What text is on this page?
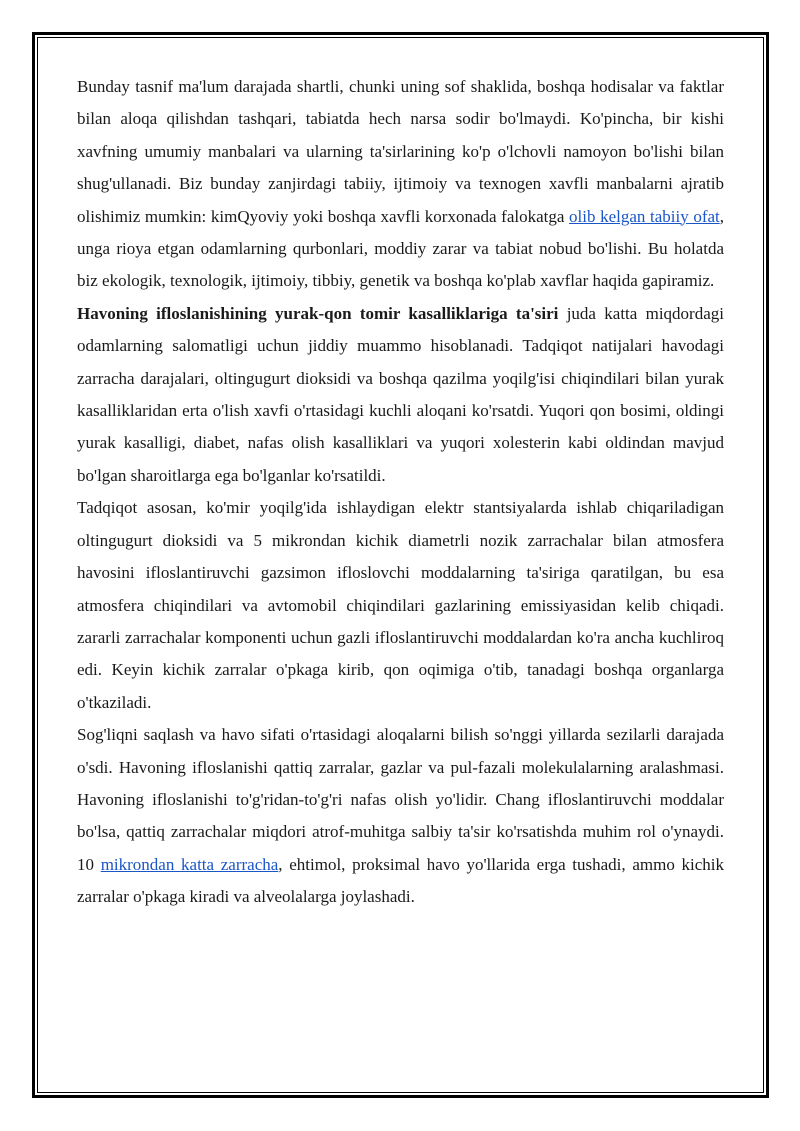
Bunday tasnif ma'lum darajada shartli, chunki uning sof shaklida, boshqa hodisalar va faktlar bilan aloqa qilishdan tashqari, tabiatda hech narsa sodir bo'lmaydi. Ko'pincha, bir kishi xavfning umumiy manbalari va ularning ta'sirlarining ko'p o'lchovli namoyon bo'lishi bilan shug'ullanadi. Biz bunday zanjirdagi tabiiy, ijtimoiy va texnogen xavfli manbalarni ajratib olishimiz mumkin: kimQyoviy yoki boshqa xavfli korxonada falokatga olib kelgan tabiiy ofat, unga rioya etgan odamlarning qurbonlari, moddiy zarar va tabiat nobud bo'lishi. Bu holatda biz ekologik, texnologik, ijtimoiy, tibbiy, genetik va boshqa ko'plab xavflar haqida gapiramiz.

Havoning ifloslanishining yurak-qon tomir kasalliklariga ta'siri juda katta miqdordagi odamlarning salomatligi uchun jiddiy muammo hisoblanadi. Tadqiqot natijalari havodagi zarracha darajalari, oltingugurt dioksidi va boshqa qazilma yoqilg'isi chiqindilari bilan yurak kasalliklaridan erta o'lish xavfi o'rtasidagi kuchli aloqani ko'rsatdi. Yuqori qon bosimi, oldingi yurak kasalligi, diabet, nafas olish kasalliklari va yuqori xolesterin kabi oldindan mavjud bo'lgan sharoitlarga ega bo'lganlar ko'rsatildi.

Tadqiqot asosan, ko'mir yoqilg'ida ishlaydigan elektr stantsiyalarda ishlab chiqariladigan oltingugurt dioksidi va 5 mikrondan kichik diametrli nozik zarrachalar bilan atmosfera havosini ifloslantiruvchi gazsimon ifloslovchi moddalarning ta'siriga qaratilgan, bu esa atmosfera chiqindilari va avtomobil chiqindilari gazlarining emissiyasidan kelib chiqadi. zararli zarrachalar komponenti uchun gazli ifloslantiruvchi moddalardan ko'ra ancha kuchliroq edi. Keyin kichik zarralar o'pkaga kirib, qon oqimiga o'tib, tanadagi boshqa organlarga o'tkaziladi.

Sog'liqni saqlash va havo sifati o'rtasidagi aloqalarni bilish so'nggi yillarda sezilarli darajada o'sdi. Havoning ifloslanishi qattiq zarralar, gazlar va pul-fazali molekulalarning aralashmasi. Havoning ifloslanishi to'g'ridan-to'g'ri nafas olish yo'lidir. Chang ifloslantiruvchi moddalar bo'lsa, qattiq zarrachalar miqdori atrof-muhitga salbiy ta'sir ko'rsatishda muhim rol o'ynaydi. 10 mikrondan katta zarracha, ehtimol, proksimal havo yo'llarida erga tushadi, ammo kichik zarralar o'pkaga kiradi va alveolalarga joylashadi.
